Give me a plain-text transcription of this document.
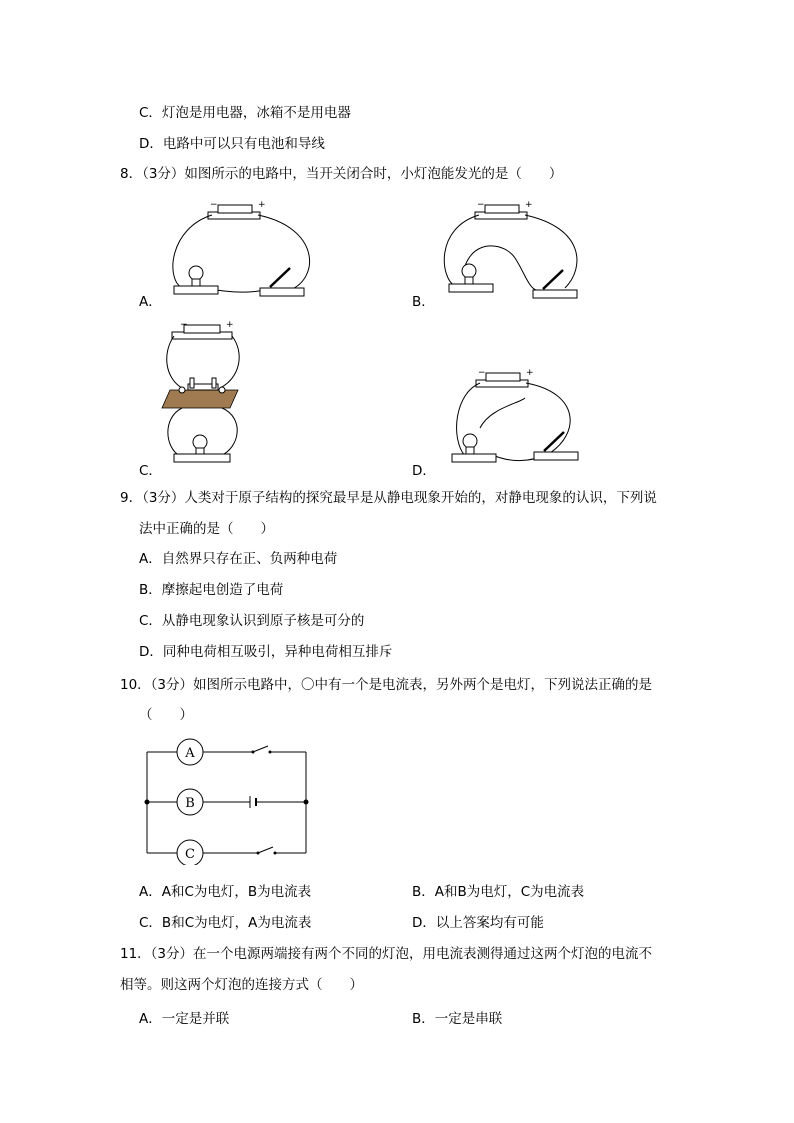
C．灯泡是用电器，冰箱不是用电器
D．电路中可以只有电池和导线
8．（3分）如图所示的电路中，当开关闭合时，小灯泡能发光的是（　　）
−	+
A．
−	+
B．
−	+
C．
−	+
D．
9．（3分）人类对于原子结构的探究最早是从静电现象开始的，对静电现象的认识，下列说
法中正确的是（　　）
A．自然界只存在正、负两种电荷
B．摩擦起电创造了电荷
C．从静电现象认识到原子核是可分的
D．同种电荷相互吸引，异种电荷相互排斥
10．（3分）如图所示电路中，〇中有一个是电流表，另外两个是电灯，下列说法正确的是
（　　）
A
B
C
A．A和C为电灯，B为电流表	B．A和B为电灯，C为电流表
C．B和C为电灯，A为电流表	D．以上答案均有可能
11．（3分）在一个电源两端接有两个不同的灯泡，用电流表测得通过这两个灯泡的电流不
相等。则这两个灯泡的连接方式（　　）
A．一定是并联	B．一定是串联
